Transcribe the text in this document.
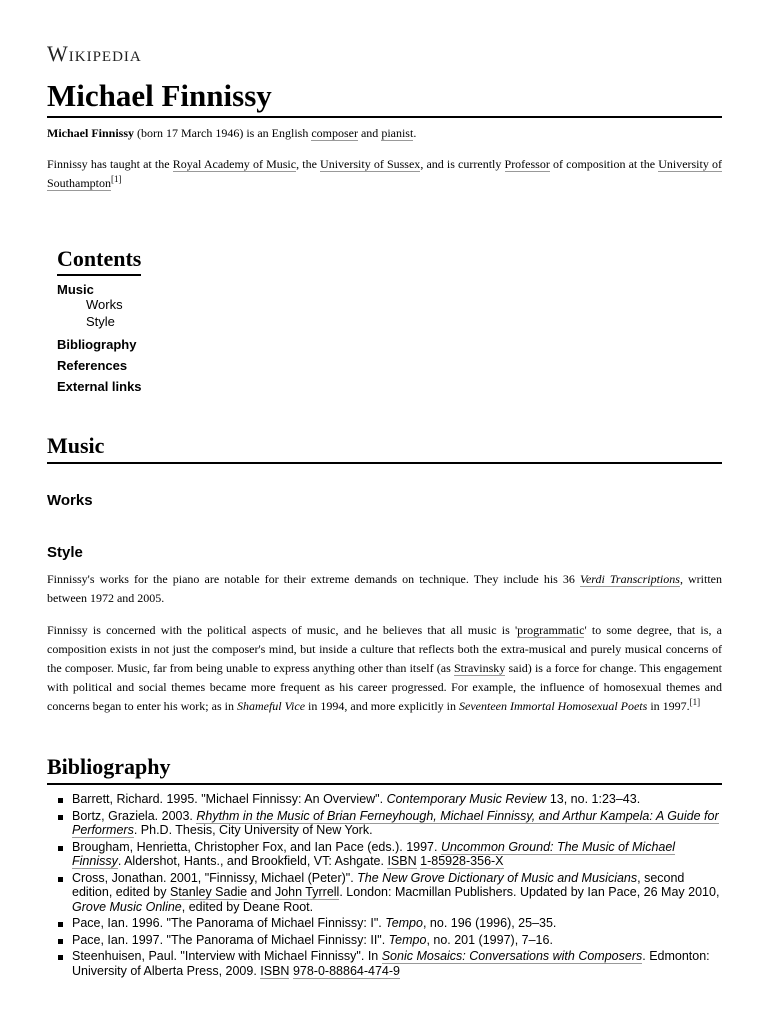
Wikipedia
Michael Finnissy

Michael Finnissy (born 17 March 1946) is an English composer and pianist.

Finnissy has taught at the Royal Academy of Music, the University of Sussex, and is currently Professor of composition at the University of Southampton[1]

Contents
Music
Works
Style
Bibliography
References
External links
Music
Works
Style

Finnissy's works for the piano are notable for their extreme demands on technique. They include his 36 Verdi Transcriptions, written between 1972 and 2005.

Finnissy is concerned with the political aspects of music, and he believes that all music is 'programmatic' to some degree, that is, a composition exists in not just the composer's mind, but inside a culture that reflects both the extra-musical and purely musical concerns of the composer. Music, far from being unable to express anything other than itself (as Stravinsky said) is a force for change. This engagement with political and social themes became more frequent as his career progressed. For example, the influence of homosexual themes and concerns began to enter his work; as in Shameful Vice in 1994, and more explicitly in Seventeen Immortal Homosexual Poets in 1997.[1]

Bibliography
Barrett, Richard. 1995. "Michael Finnissy: An Overview". Contemporary Music Review 13, no. 1:23–43.
Bortz, Graziela. 2003. Rhythm in the Music of Brian Ferneyhough, Michael Finnissy, and Arthur Kampela: A Guide for Performers. Ph.D. Thesis, City University of New York.
Brougham, Henrietta, Christopher Fox, and Ian Pace (eds.). 1997. Uncommon Ground: The Music of Michael Finnissy. Aldershot, Hants., and Brookfield, VT: Ashgate. ISBN 1-85928-356-X
Cross, Jonathan. 2001, "Finnissy, Michael (Peter)". The New Grove Dictionary of Music and Musicians, second edition, edited by Stanley Sadie and John Tyrrell. London: Macmillan Publishers. Updated by Ian Pace, 26 May 2010, Grove Music Online, edited by Deane Root.
Pace, Ian. 1996. "The Panorama of Michael Finnissy: I". Tempo, no. 196 (1996), 25–35.
Pace, Ian. 1997. "The Panorama of Michael Finnissy: II". Tempo, no. 201 (1997), 7–16.
Steenhuisen, Paul. "Interview with Michael Finnissy". In Sonic Mosaics: Conversations with Composers. Edmonton: University of Alberta Press, 2009. ISBN 978-0-88864-474-9
